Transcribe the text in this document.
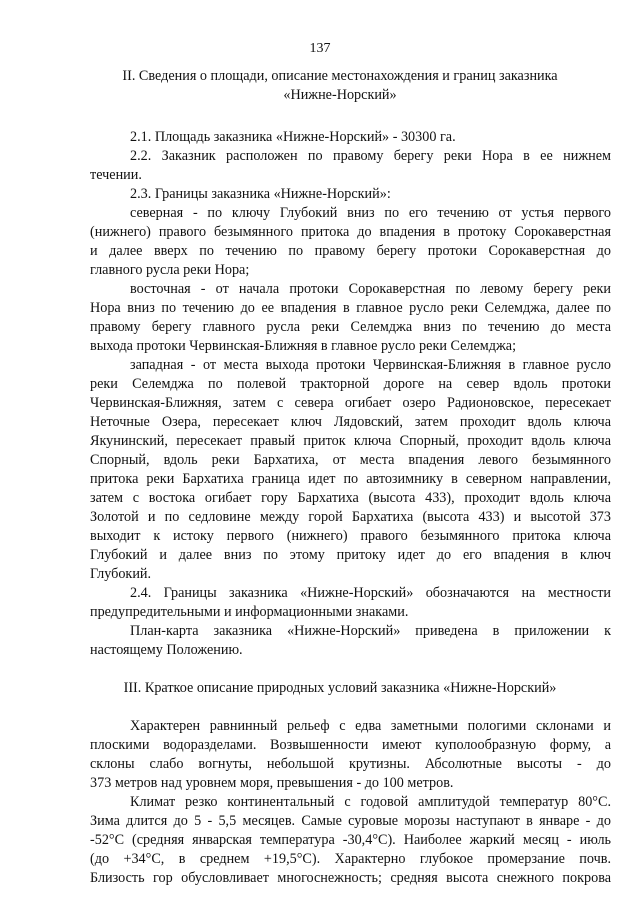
137
II. Сведения о площади, описание местонахождения и границ заказника
«Нижне-Норский»
2.1. Площадь заказника «Нижне-Норский» - 30300 га.
2.2. Заказник расположен по правому берегу реки Нора в ее нижнем
течении.
2.3. Границы заказника «Нижне-Норский»:
северная - по ключу Глубокий вниз по его течению от устья первого
(нижнего) правого безымянного притока до впадения в протоку Сорокаверстная
и далее вверх по течению по правому берегу протоки Сорокаверстная до
главного русла реки Нора;
восточная - от начала протоки Сорокаверстная по левому берегу реки
Нора вниз по течению до ее впадения в главное русло реки Селемджа, далее по
правому берегу главного русла реки Селемджа вниз по течению до места
выхода протоки Червинская-Ближняя в главное русло реки Селемджа;
западная - от места выхода протоки Червинская-Ближняя в главное русло
реки Селемджа по полевой тракторной дороге на север вдоль протоки
Червинская-Ближняя, затем с севера огибает озеро Радионовское, пересекает
Неточные Озера, пересекает ключ Лядовский, затем проходит вдоль ключа
Якунинский, пересекает правый приток ключа Спорный, проходит вдоль ключа
Спорный, вдоль реки Бархатиха, от места впадения левого безымянного
притока реки Бархатиха граница идет по автозимнику в северном направлении,
затем с востока огибает гору Бархатиха (высота 433), проходит вдоль ключа
Золотой и по седловине между горой Бархатиха (высота 433) и высотой 373
выходит к истоку первого (нижнего) правого безымянного притока ключа
Глубокий и далее вниз по этому притоку идет до его впадения в ключ
Глубокий.
2.4. Границы заказника «Нижне-Норский» обозначаются на местности
предупредительными и информационными знаками.
План-карта заказника «Нижне-Норский» приведена в приложении к
настоящему Положению.
III. Краткое описание природных условий заказника «Нижне-Норский»
Характерен равнинный рельеф с едва заметными пологими склонами и
плоскими водоразделами. Возвышенности имеют куполообразную форму, а
склоны слабо вогнуты, небольшой крутизны. Абсолютные высоты - до
373 метров над уровнем моря, превышения - до 100 метров.
Климат резко континентальный с годовой амплитудой температур 80°С.
Зима длится до 5 - 5,5 месяцев. Самые суровые морозы наступают в январе - до
-52°С (средняя январская температура -30,4°С). Наиболее жаркий месяц - июль
(до +34°С, в среднем +19,5°С). Характерно глубокое промерзание почв.
Близость гор обусловливает многоснежность; средняя высота снежного покрова
